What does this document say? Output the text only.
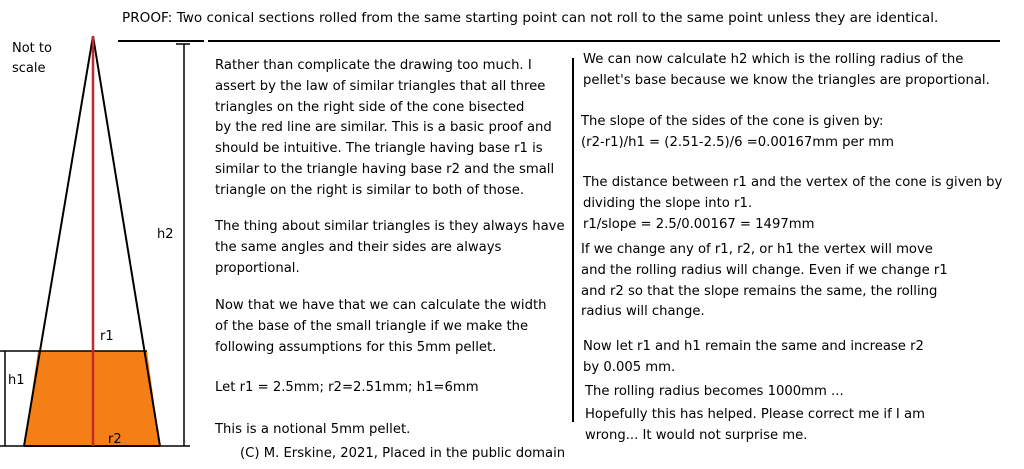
PROOF: Two conical sections rolled from the same starting point can not roll to the same point unless they are identical.
Not to
scale
h2
r1
h1
r2
Rather than complicate the drawing too much. I
assert by the law of similar triangles that all three
triangles on the right side of the cone bisected
by the red line are similar. This is a basic proof and
should be intuitive. The triangle having base r1 is
similar to the triangle having base r2 and the small
triangle on the right is similar to both of those.
The thing about similar triangles is they always have
the same angles and their sides are always
proportional.
Now that we have that we can calculate the width
of the base of the small triangle if we make the
following assumptions for this 5mm pellet.
Let r1 = 2.5mm; r2=2.51mm; h1=6mm
This is a notional 5mm pellet.
We can now calculate h2 which is the rolling radius of the
pellet's base because we know the triangles are proportional.
The slope of the sides of the cone is given by:
(r2-r1)/h1 = (2.51-2.5)/6 =0.00167mm per mm
The distance between r1 and the vertex of the cone is given by
dividing the slope into r1.
r1/slope = 2.5/0.00167 = 1497mm
If we change any of r1, r2, or h1 the vertex will move
and the rolling radius will change. Even if we change r1
and r2 so that the slope remains the same, the rolling
radius will change.
Now let r1 and h1 remain the same and increase r2
by 0.005 mm.
The rolling radius becomes 1000mm ...
Hopefully this has helped. Please correct me if I am
wrong... It would not surprise me.
(C) M. Erskine, 2021, Placed in the public domain
